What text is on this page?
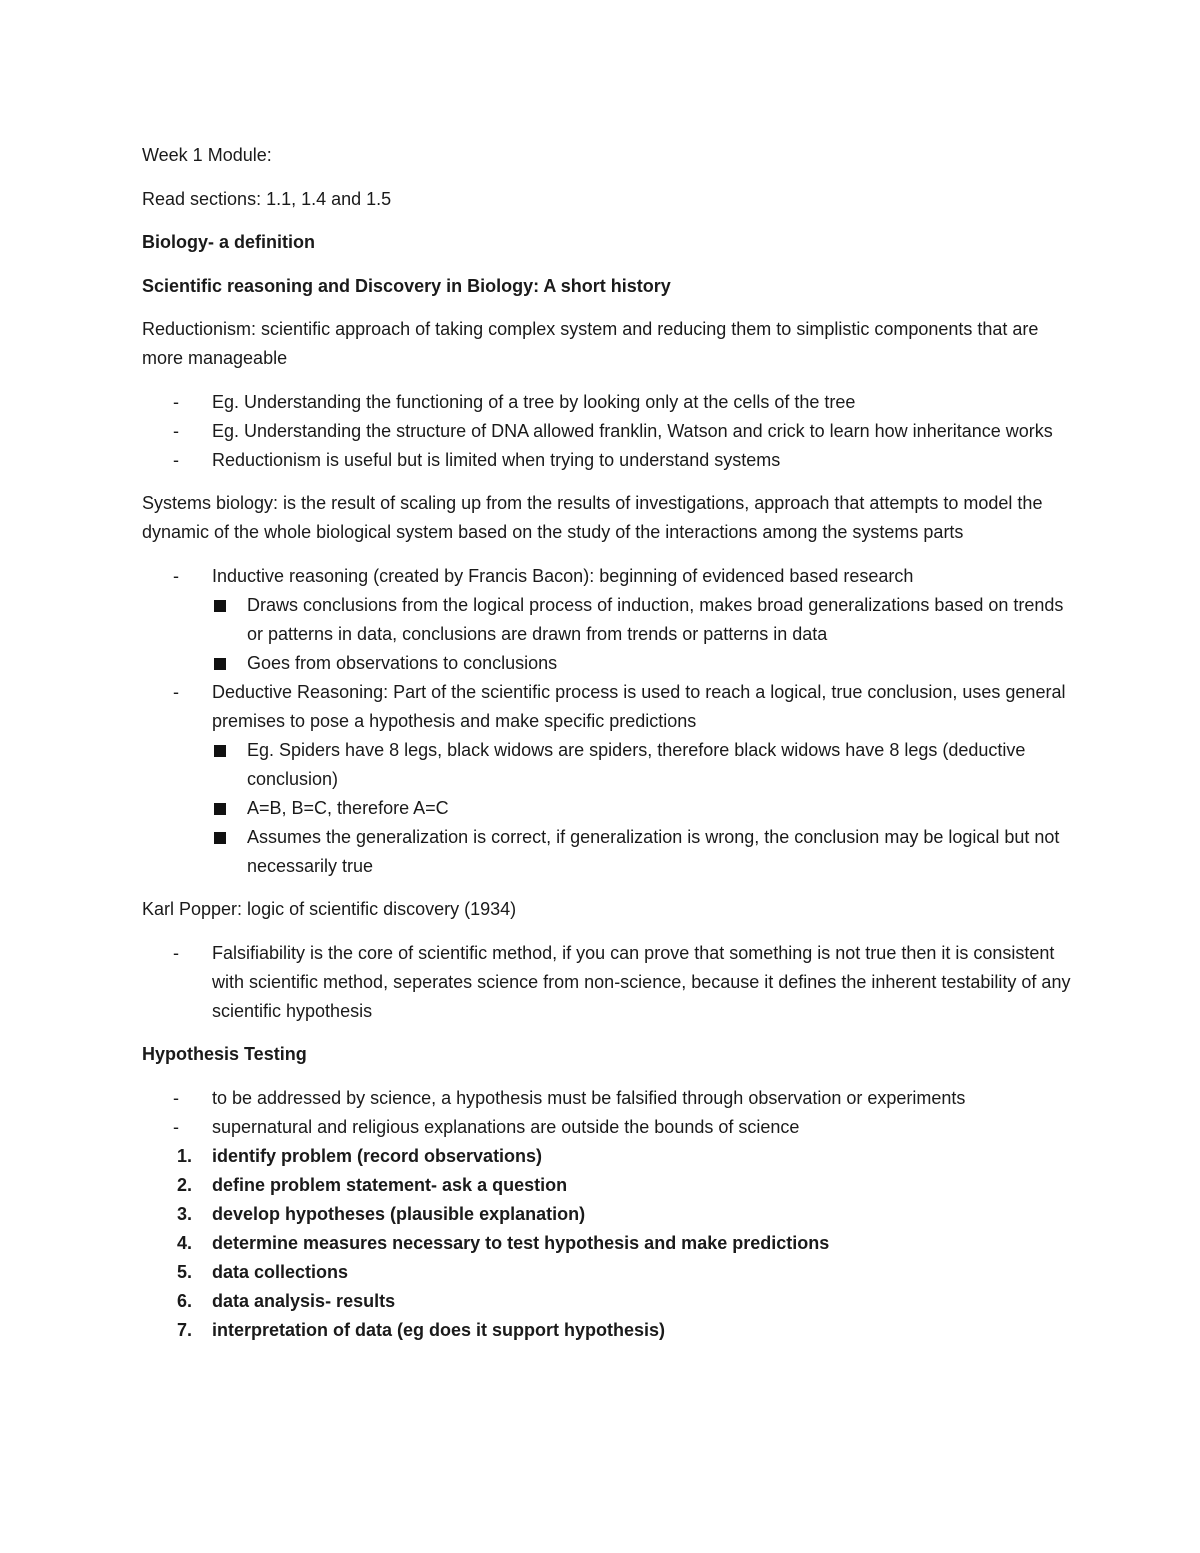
Week 1 Module:

Read sections: 1.1, 1.4 and 1.5

Biology- a definition

Scientific reasoning and Discovery in Biology: A short history

Reductionism: scientific approach of taking complex system and reducing them to simplistic components that are more manageable

- Eg. Understanding the functioning of a tree by looking only at the cells of the tree
- Eg. Understanding the structure of DNA allowed franklin, Watson and crick to learn how inheritance works
- Reductionism is useful but is limited when trying to understand systems

Systems biology: is the result of scaling up from the results of investigations, approach that attempts to model the dynamic of the whole biological system based on the study of the interactions among the systems parts

- Inductive reasoning (created by Francis Bacon): beginning of evidenced based research
Draws conclusions from the logical process of induction, makes broad generalizations based on trends or patterns in data, conclusions are drawn from trends or patterns in data
Goes from observations to conclusions
- Deductive Reasoning: Part of the scientific process is used to reach a logical, true conclusion, uses general premises to pose a hypothesis and make specific predictions
Eg. Spiders have 8 legs, black widows are spiders, therefore black widows have 8 legs (deductive conclusion)
A=B, B=C, therefore A=C
Assumes the generalization is correct, if generalization is wrong, the conclusion may be logical but not necessarily true

Karl Popper: logic of scientific discovery (1934)

- Falsifiability is the core of scientific method, if you can prove that something is not true then it is consistent with scientific method, seperates science from non-science, because it defines the inherent testability of any scientific hypothesis

Hypothesis Testing

- to be addressed by science, a hypothesis must be falsified through observation or experiments
- supernatural and religious explanations are outside the bounds of science
1. identify problem (record observations)
2. define problem statement- ask a question
3. develop hypotheses (plausible explanation)
4. determine measures necessary to test hypothesis and make predictions
5. data collections
6. data analysis- results
7. interpretation of data (eg does it support hypothesis)
